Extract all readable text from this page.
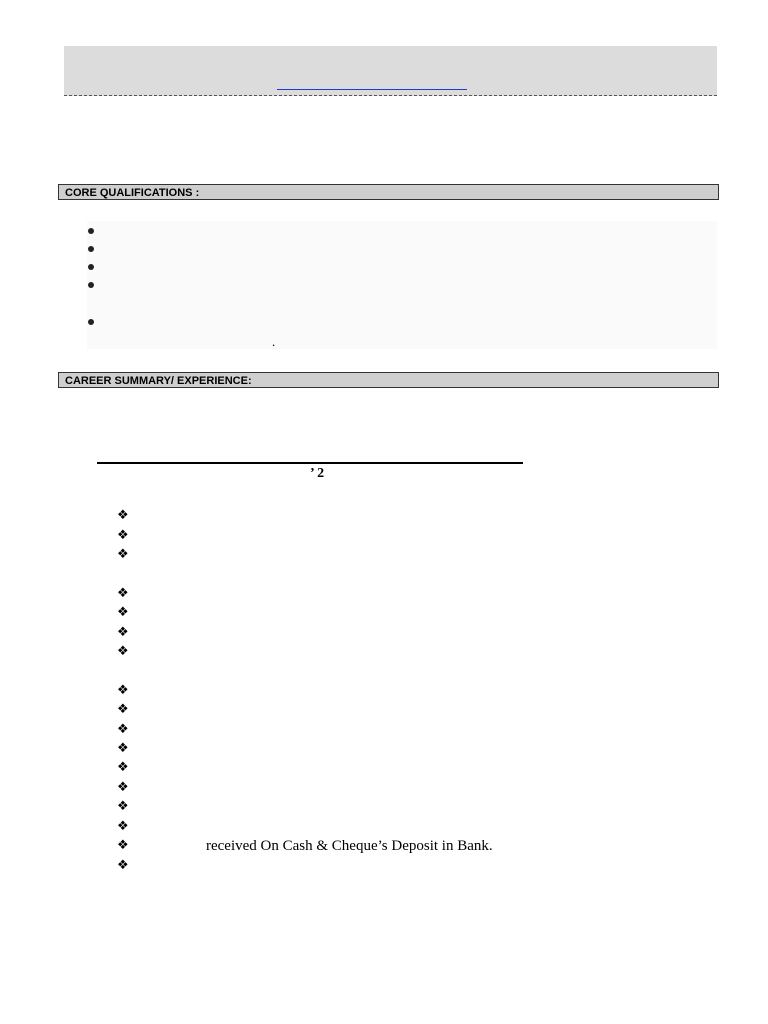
CORE QUALIFICATIONS :
.
CAREER SUMMARY/ EXPERIENCE:
’ 2
❖
❖
❖
❖
❖
❖
❖
❖
❖
❖
❖
❖
❖
❖
❖
❖
❖
received On Cash & Cheque’s Deposit in Bank.
